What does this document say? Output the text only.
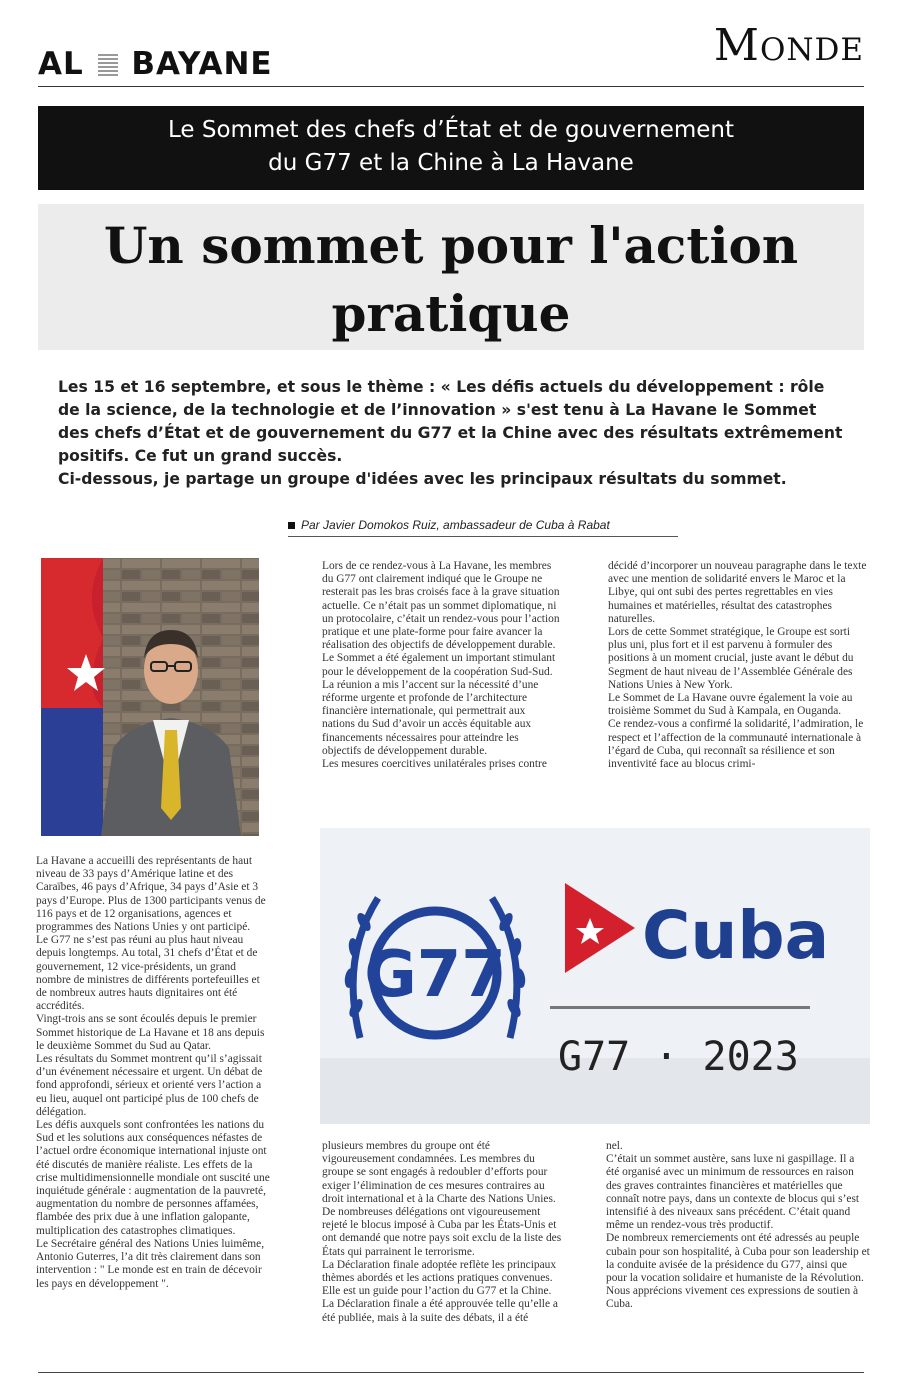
AL BAYANE	Monde
Le Sommet des chefs d’État et de gouvernement
du G77 et la Chine à La Havane
Un sommet pour l'action
pratique
Les 15 et 16 septembre, et sous le thème : « Les défis actuels du développement : rôle de la science, de la technologie et de l’innovation » s'est tenu à La Havane le Sommet des chefs d’État et de gouvernement du G77 et la Chine avec des résultats extrêmement positifs. Ce fut un grand succès.
Ci-dessous, je partage un groupe d'idées avec les principaux résultats du sommet.
Par Javier Domokos Ruiz, ambassadeur de Cuba à Rabat

Lors de ce rendez-vous à La Havane, les membres du G77 ont clairement indiqué que le Groupe ne resterait pas les bras croisés face à la grave situation actuelle. Ce n’était pas un sommet diplomatique, ni un protocolaire, c’était un rendez-vous pour l’action pratique et une plate-forme pour faire avancer la réalisation des objectifs de développement durable.

Le Sommet a été également un important stimulant pour le développement de la coopération Sud-Sud. La réunion a mis l’accent sur la nécessité d’une réforme urgente et profonde de l’architecture financière internationale, qui permettrait aux nations du Sud d’avoir un accès équitable aux financements nécessaires pour atteindre les objectifs de développement durable.

Les mesures coercitives unilatérales prises contre

décidé d’incorporer un nouveau paragraphe dans le texte avec une mention de solidarité envers le Maroc et la Libye, qui ont subi des pertes regrettables en vies humaines et matérielles, résultat des catastrophes naturelles.

Lors de cette Sommet stratégique, le Groupe est sorti plus uni, plus fort et il est parvenu à formuler des positions à un moment crucial, juste avant le début du Segment de haut niveau de l’Assemblée Générale des Nations Unies à New York.

Le Sommet de La Havane ouvre également la voie au troisième Sommet du Sud à Kampala, en Ouganda.

Ce rendez-vous a confirmé la solidarité, l’admiration, le respect et l’affection de la communauté internationale à l’égard de Cuba, qui reconnaît sa résilience et son inventivité face au blocus crimi-

G77
Cuba
G77 · 2023

La Havane a accueilli des représentants de haut niveau de 33 pays d’Amérique latine et des Caraïbes, 46 pays d’Afrique, 34 pays d’Asie et 3 pays d’Europe. Plus de 1300 participants venus de 116 pays et de 12 organisations, agences et programmes des Nations Unies y ont participé.

Le G77 ne s’est pas réuni au plus haut niveau depuis longtemps. Au total, 31 chefs d’État et de gouvernement, 12 vice-présidents, un grand nombre de ministres de différents portefeuilles et de nombreux autres hauts dignitaires ont été accrédités.

Vingt-trois ans se sont écoulés depuis le premier Sommet historique de La Havane et 18 ans depuis le deuxième Sommet du Sud au Qatar.

Les résultats du Sommet montrent qu’il s’agissait d’un événement nécessaire et urgent. Un débat de fond approfondi, sérieux et orienté vers l’action a eu lieu, auquel ont participé plus de 100 chefs de délégation.

Les défis auxquels sont confrontées les nations du Sud et les solutions aux conséquences néfastes de l’actuel ordre économique international injuste ont été discutés de manière réaliste. Les effets de la crise multidimensionnelle mondiale ont suscité une inquiétude générale : augmentation de la pauvreté, augmentation du nombre de personnes affamées, flambée des prix due à une inflation galopante, multiplication des catastrophes climatiques.

Le Secrétaire général des Nations Unies luimême, Antonio Guterres, l’a dit très clairement dans son intervention : " Le monde est en train de décevoir les pays en développement ".

plusieurs membres du groupe ont été vigoureusement condamnées. Les membres du groupe se sont engagés à redoubler d’efforts pour exiger l’élimination de ces mesures contraires au droit international et à la Charte des Nations Unies.

De nombreuses délégations ont vigoureusement rejeté le blocus imposé à Cuba par les États-Unis et ont demandé que notre pays soit exclu de la liste des États qui parrainent le terrorisme.

La Déclaration finale adoptée reflète les principaux thèmes abordés et les actions pratiques convenues. Elle est un guide pour l’action du G77 et la Chine.

La Déclaration finale a été approuvée telle qu’elle a été publiée, mais à la suite des débats, il a été

nel.

C’était un sommet austère, sans luxe ni gaspillage. Il a été organisé avec un minimum de ressources en raison des graves contraintes financières et matérielles que connaît notre pays, dans un contexte de blocus qui s’est intensifié à des niveaux sans précédent. C’était quand même un rendez-vous très productif.

De nombreux remerciements ont été adressés au peuple cubain pour son hospitalité, à Cuba pour son leadership et la conduite avisée de la présidence du G77, ainsi que pour la vocation solidaire et humaniste de la Révolution.

Nous apprécions vivement ces expressions de soutien à Cuba.
